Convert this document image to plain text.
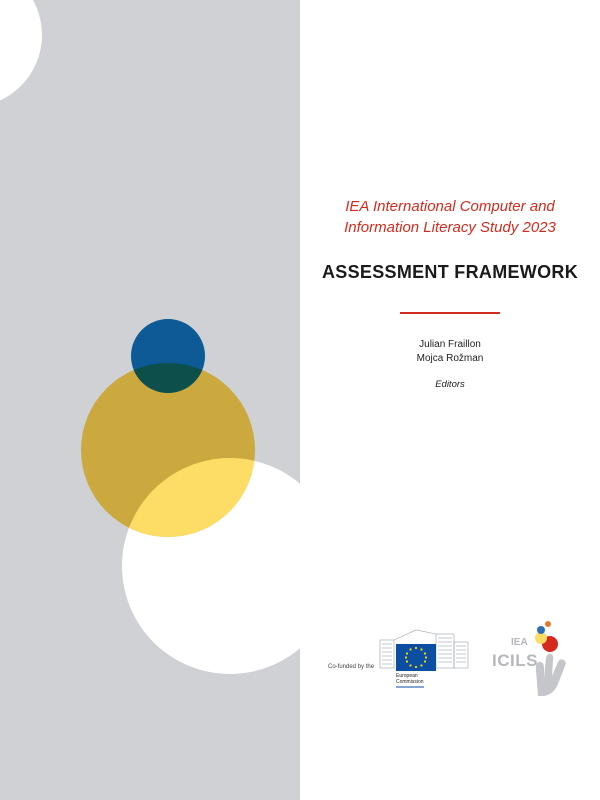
IEA International Computer and
Information Literacy Study 2023
ASSESSMENT FRAMEWORK
Julian Fraillon
Mojca Rožman
Editors
Co-funded by the
European
Commission
IEA
ICILS
